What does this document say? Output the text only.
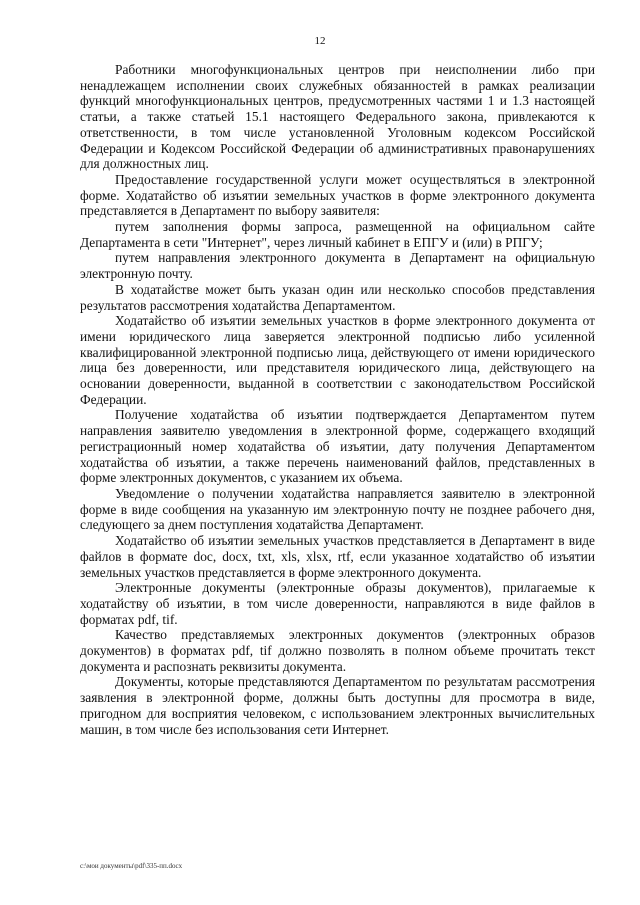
12

Работники многофункциональных центров при неисполнении либо при ненадлежащем исполнении своих служебных обязанностей в рамках реализации функций многофункциональных центров, предусмотренных частями 1 и 1.3 настоящей статьи, а также статьей 15.1 настоящего Федерального закона, привлекаются к ответственности, в том числе установленной Уголовным кодексом Российской Федерации и Кодексом Российской Федерации об административных правонарушениях для должностных лиц.

Предоставление государственной услуги может осуществляться в электронной форме. Ходатайство об изъятии земельных участков в форме электронного документа представляется в Департамент по выбору заявителя:

путем заполнения формы запроса, размещенной на официальном сайте Департамента в сети "Интернет", через личный кабинет в ЕПГУ и (или) в РПГУ;

путем направления электронного документа в Департамент на официальную электронную почту.

В ходатайстве может быть указан один или несколько способов представления результатов рассмотрения ходатайства Департаментом.

Ходатайство об изъятии земельных участков в форме электронного документа от имени юридического лица заверяется электронной подписью либо усиленной квалифицированной электронной подписью лица, действующего от имени юридического лица без доверенности, или представителя юридического лица, действующего на основании доверенности, выданной в соответствии с законодательством Российской Федерации.

Получение ходатайства об изъятии подтверждается Департаментом путем направления заявителю уведомления в электронной форме, содержащего входящий регистрационный номер ходатайства об изъятии, дату получения Департаментом ходатайства об изъятии, а также перечень наименований файлов, представленных в форме электронных документов, с указанием их объема.

Уведомление о получении ходатайства направляется заявителю в электронной форме в виде сообщения на указанную им электронную почту не позднее рабочего дня, следующего за днем поступления ходатайства Департамент.

Ходатайство об изъятии земельных участков представляется в Департамент в виде файлов в формате doc, docx, txt, xls, xlsx, rtf, если указанное ходатайство об изъятии земельных участков представляется в форме электронного документа.

Электронные документы (электронные образы документов), прилагаемые к ходатайству об изъятии, в том числе доверенности, направляются в виде файлов в форматах pdf, tif.

Качество представляемых электронных документов (электронных образов документов) в форматах pdf, tif должно позволять в полном объеме прочитать текст документа и распознать реквизиты документа.

Документы, которые представляются Департаментом по результатам рассмотрения заявления в электронной форме, должны быть доступны для просмотра в виде, пригодном для восприятия человеком, с использованием электронных вычислительных машин, в том числе без использования сети Интернет.

c:\мои документы\pdf\335-пп.docx
